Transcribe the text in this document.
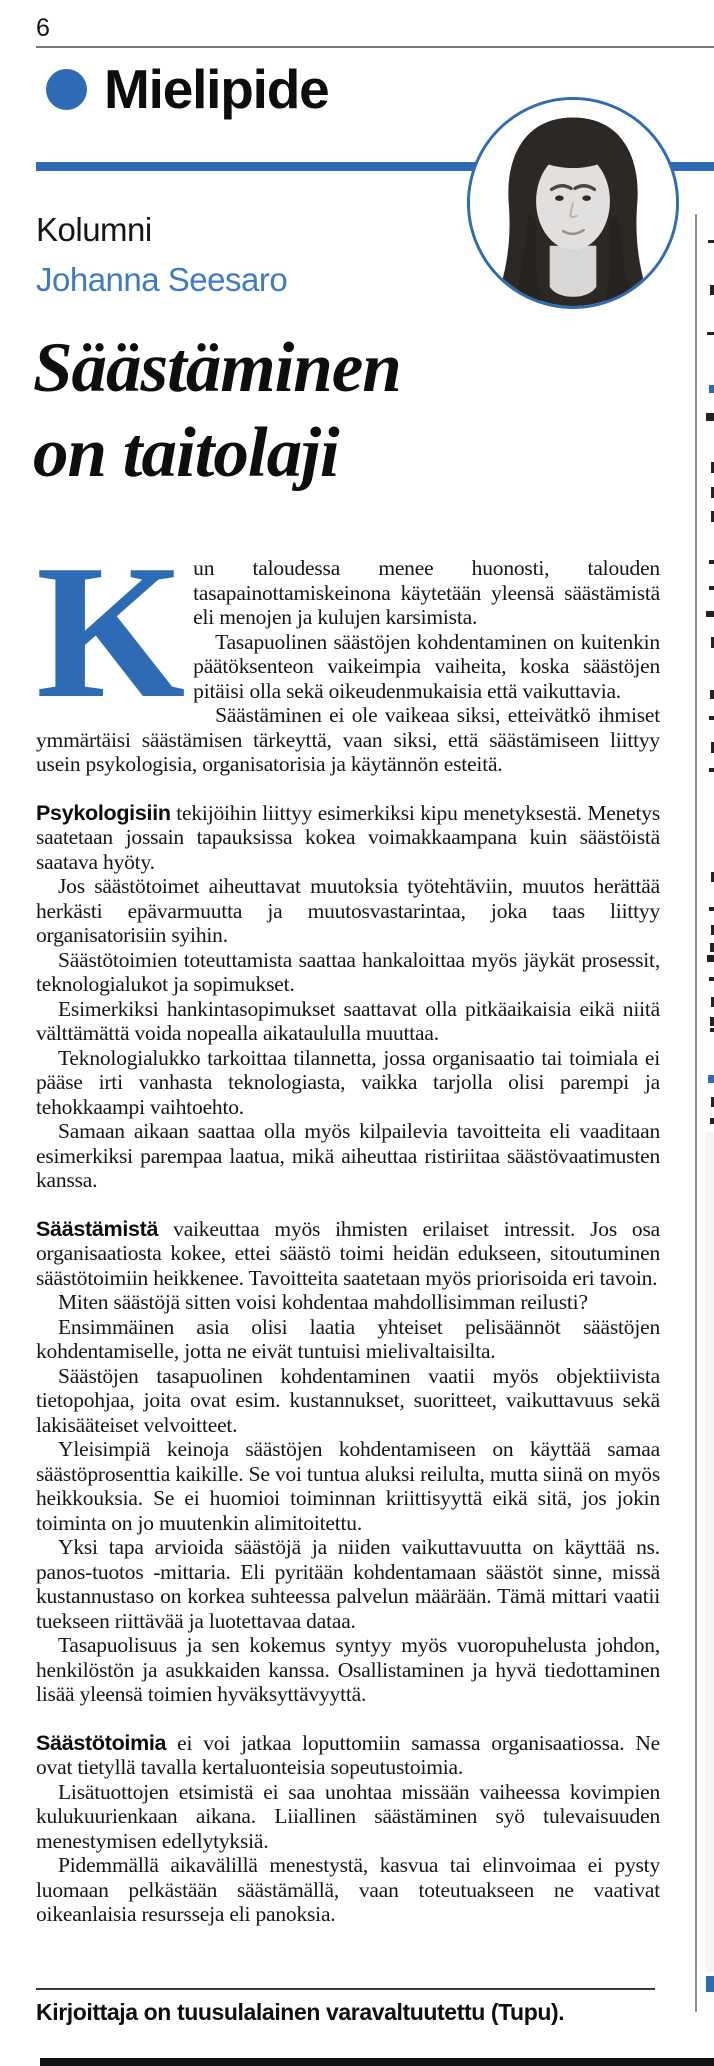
6
Mielipide
Kolumni
Johanna Seesaro
Säästäminen
on taitolaji
K un taloudessa menee huonosti, talouden tasapainottamiskeinona käytetään yleensä säästämistä eli menojen ja kulujen karsimista.

Tasapuolinen säästöjen kohdentaminen on kuitenkin päätöksenteon vaikeimpia vaiheita, koska säästöjen pitäisi olla sekä oikeudenmukaisia että vaikuttavia.

Säästäminen ei ole vaikeaa siksi, etteivätkö ihmiset ymmärtäisi säästämisen tärkeyttä, vaan siksi, että säästämiseen liittyy usein psykologisia, organisatorisia ja käytännön esteitä.

Psykologisiin tekijöihin liittyy esimerkiksi kipu menetyksestä. Menetys saatetaan jossain tapauksissa kokea voimakkaampana kuin säästöistä saatava hyöty.

Jos säästötoimet aiheuttavat muutoksia työtehtäviin, muutos herättää herkästi epävarmuutta ja muutosvastarintaa, joka taas liittyy organisatorisiin syihin.

Säästötoimien toteuttamista saattaa hankaloittaa myös jäykät prosessit, teknologialukot ja sopimukset.

Esimerkiksi hankintasopimukset saattavat olla pitkäaikaisia eikä niitä välttämättä voida nopealla aikataululla muuttaa.

Teknologialukko tarkoittaa tilannetta, jossa organisaatio tai toimiala ei pääse irti vanhasta teknologiasta, vaikka tarjolla olisi parempi ja tehokkaampi vaihtoehto.

Samaan aikaan saattaa olla myös kilpailevia tavoitteita eli vaaditaan esimerkiksi parempaa laatua, mikä aiheuttaa ristiriitaa säästövaatimusten kanssa.

Säästämistä vaikeuttaa myös ihmisten erilaiset intressit. Jos osa organisaatiosta kokee, ettei säästö toimi heidän edukseen, sitoutuminen säästötoimiin heikkenee. Tavoitteita saatetaan myös priorisoida eri tavoin.

Miten säästöjä sitten voisi kohdentaa mahdollisimman reilusti?

Ensimmäinen asia olisi laatia yhteiset pelisäännöt säästöjen kohdentamiselle, jotta ne eivät tuntuisi mielivaltaisilta.

Säästöjen tasapuolinen kohdentaminen vaatii myös objektiivista tietopohjaa, joita ovat esim. kustannukset, suoritteet, vaikuttavuus sekä lakisääteiset velvoitteet.

Yleisimpiä keinoja säästöjen kohdentamiseen on käyttää samaa säästöprosenttia kaikille. Se voi tuntua aluksi reilulta, mutta siinä on myös heikkouksia. Se ei huomioi toiminnan kriittisyyttä eikä sitä, jos jokin toiminta on jo muutenkin alimitoitettu.

Yksi tapa arvioida säästöjä ja niiden vaikuttavuutta on käyttää ns. panos-tuotos -mittaria. Eli pyritään kohdentamaan säästöt sinne, missä kustannustaso on korkea suhteessa palvelun määrään. Tämä mittari vaatii tuekseen riittävää ja luotettavaa dataa.

Tasapuolisuus ja sen kokemus syntyy myös vuoropuhelusta johdon, henkilöstön ja asukkaiden kanssa. Osallistaminen ja hyvä tiedottaminen lisää yleensä toimien hyväksyttävyyttä.

Säästötoimia ei voi jatkaa loputtomiin samassa organisaatiossa. Ne ovat tietyllä tavalla kertaluonteisia sopeutustoimia.

Lisätuottojen etsimistä ei saa unohtaa missään vaiheessa kovimpien kulukuurienkaan aikana. Liiallinen säästäminen syö tulevaisuuden menestymisen edellytyksiä.

Pidemmällä aikavälillä menestystä, kasvua tai elinvoimaa ei pysty luomaan pelkästään säästämällä, vaan toteutuakseen ne vaativat oikeanlaisia resursseja eli panoksia.

Kirjoittaja on tuusulalainen varavaltuutettu (Tupu).
